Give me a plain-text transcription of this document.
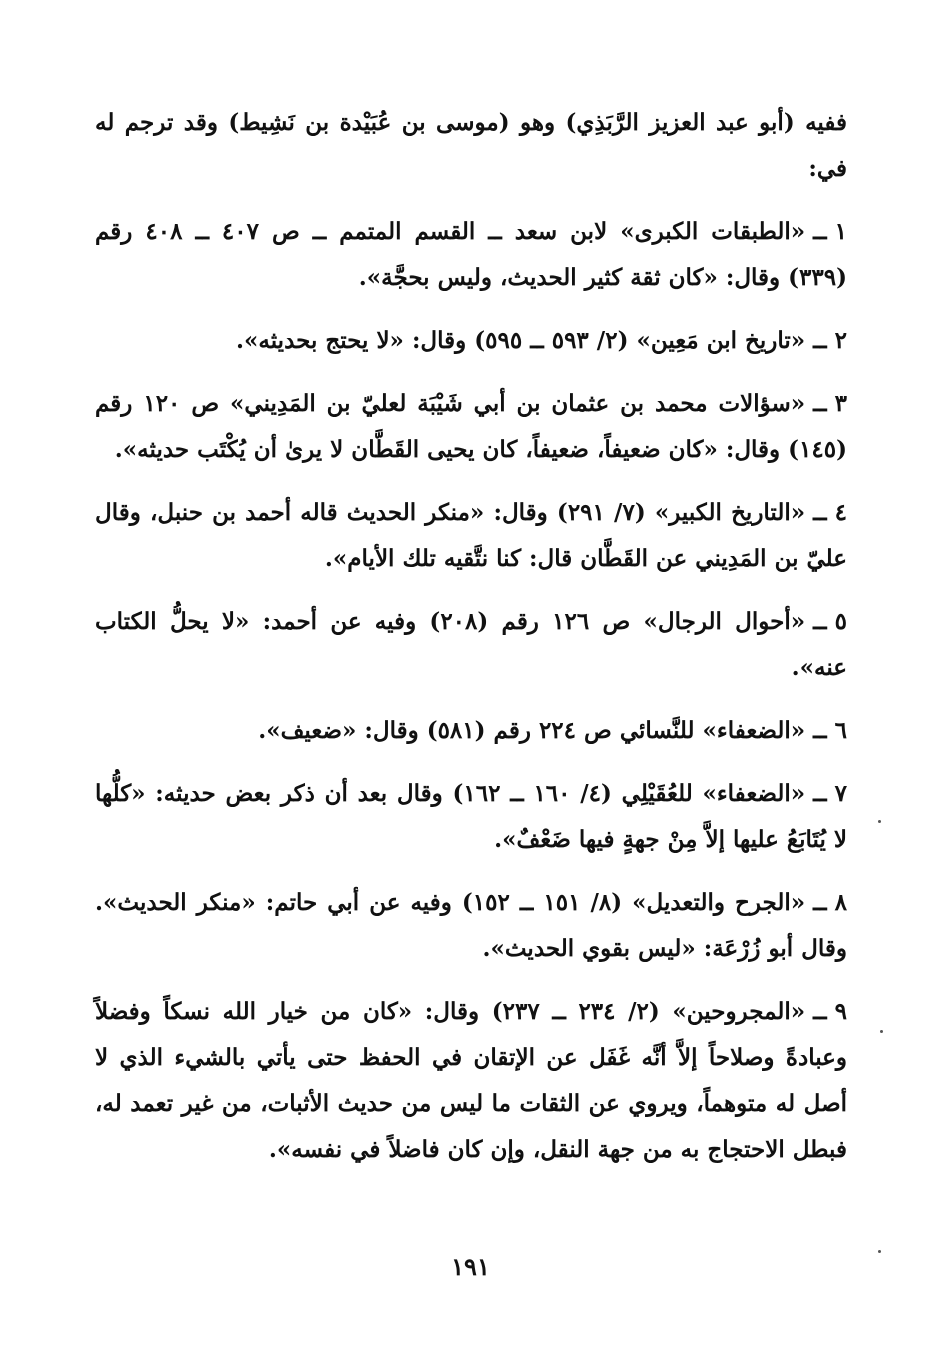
ففيه (أبو عبد العزيز الرَّبَذِي) وهو (موسى بن عُبَيْدة بن نَشِيط) وقد ترجم له في:

١ــ«الطبقات الكبرى» لابن سعد ــ القسم المتمم ــ ص ٤٠٧ ــ ٤٠٨ رقم (٣٣٩) وقال: «كان ثقة كثير الحديث، وليس بحجَّة».

٢ــ«تاريخ ابن مَعِين» (٢/ ٥٩٣ ــ ٥٩٥) وقال: «لا يحتج بحديثه».

٣ــ«سؤالات محمد بن عثمان بن أبي شَيْبَة لعليّ بن المَدِيني» ص ١٢٠ رقم (١٤٥) وقال: «كان ضعيفاً، ضعيفاً، كان يحيى القَطَّان لا يرىٰ أن يُكْتَب حديثه».

٤ــ«التاريخ الكبير» (٧/ ٢٩١) وقال: «منكر الحديث قاله أحمد بن حنبل، وقال عليّ بن المَدِيني عن القَطَّان قال: كنا نتَّقيه تلك الأيام».

٥ــ«أحوال الرجال» ص ١٢٦ رقم (٢٠٨) وفيه عن أحمد: «لا يحلُّ الكتاب عنه».

٦ــ«الضعفاء» للنَّسائي ص ٢٢٤ رقم (٥٨١) وقال: «ضعيف».

٧ــ«الضعفاء» للعُقَيْلِي (٤/ ١٦٠ ــ ١٦٢) وقال بعد أن ذكر بعض حديثه: «كلُّها لا يُتَابَعُ عليها إلاَّ مِنْ جهةٍ فيها ضَعْفٌ».

٨ــ«الجرح والتعديل» (٨/ ١٥١ ــ ١٥٢) وفيه عن أبي حاتم: «منكر الحديث». وقال أبو زُرْعَة: «ليس بقوي الحديث».

٩ــ«المجروحين» (٢/ ٢٣٤ ــ ٢٣٧) وقال: «كان من خيار الله نسكاً وفضلاً وعبادةً وصلاحاً إلاَّ أنَّه غَفَل عن الإتقان في الحفظ حتى يأتي بالشيء الذي لا أصل له متوهماً، ويروي عن الثقات ما ليس من حديث الأثبات، من غير تعمد له، فبطل الاحتجاج به من جهة النقل، وإن كان فاضلاً في نفسه».

١٩١
